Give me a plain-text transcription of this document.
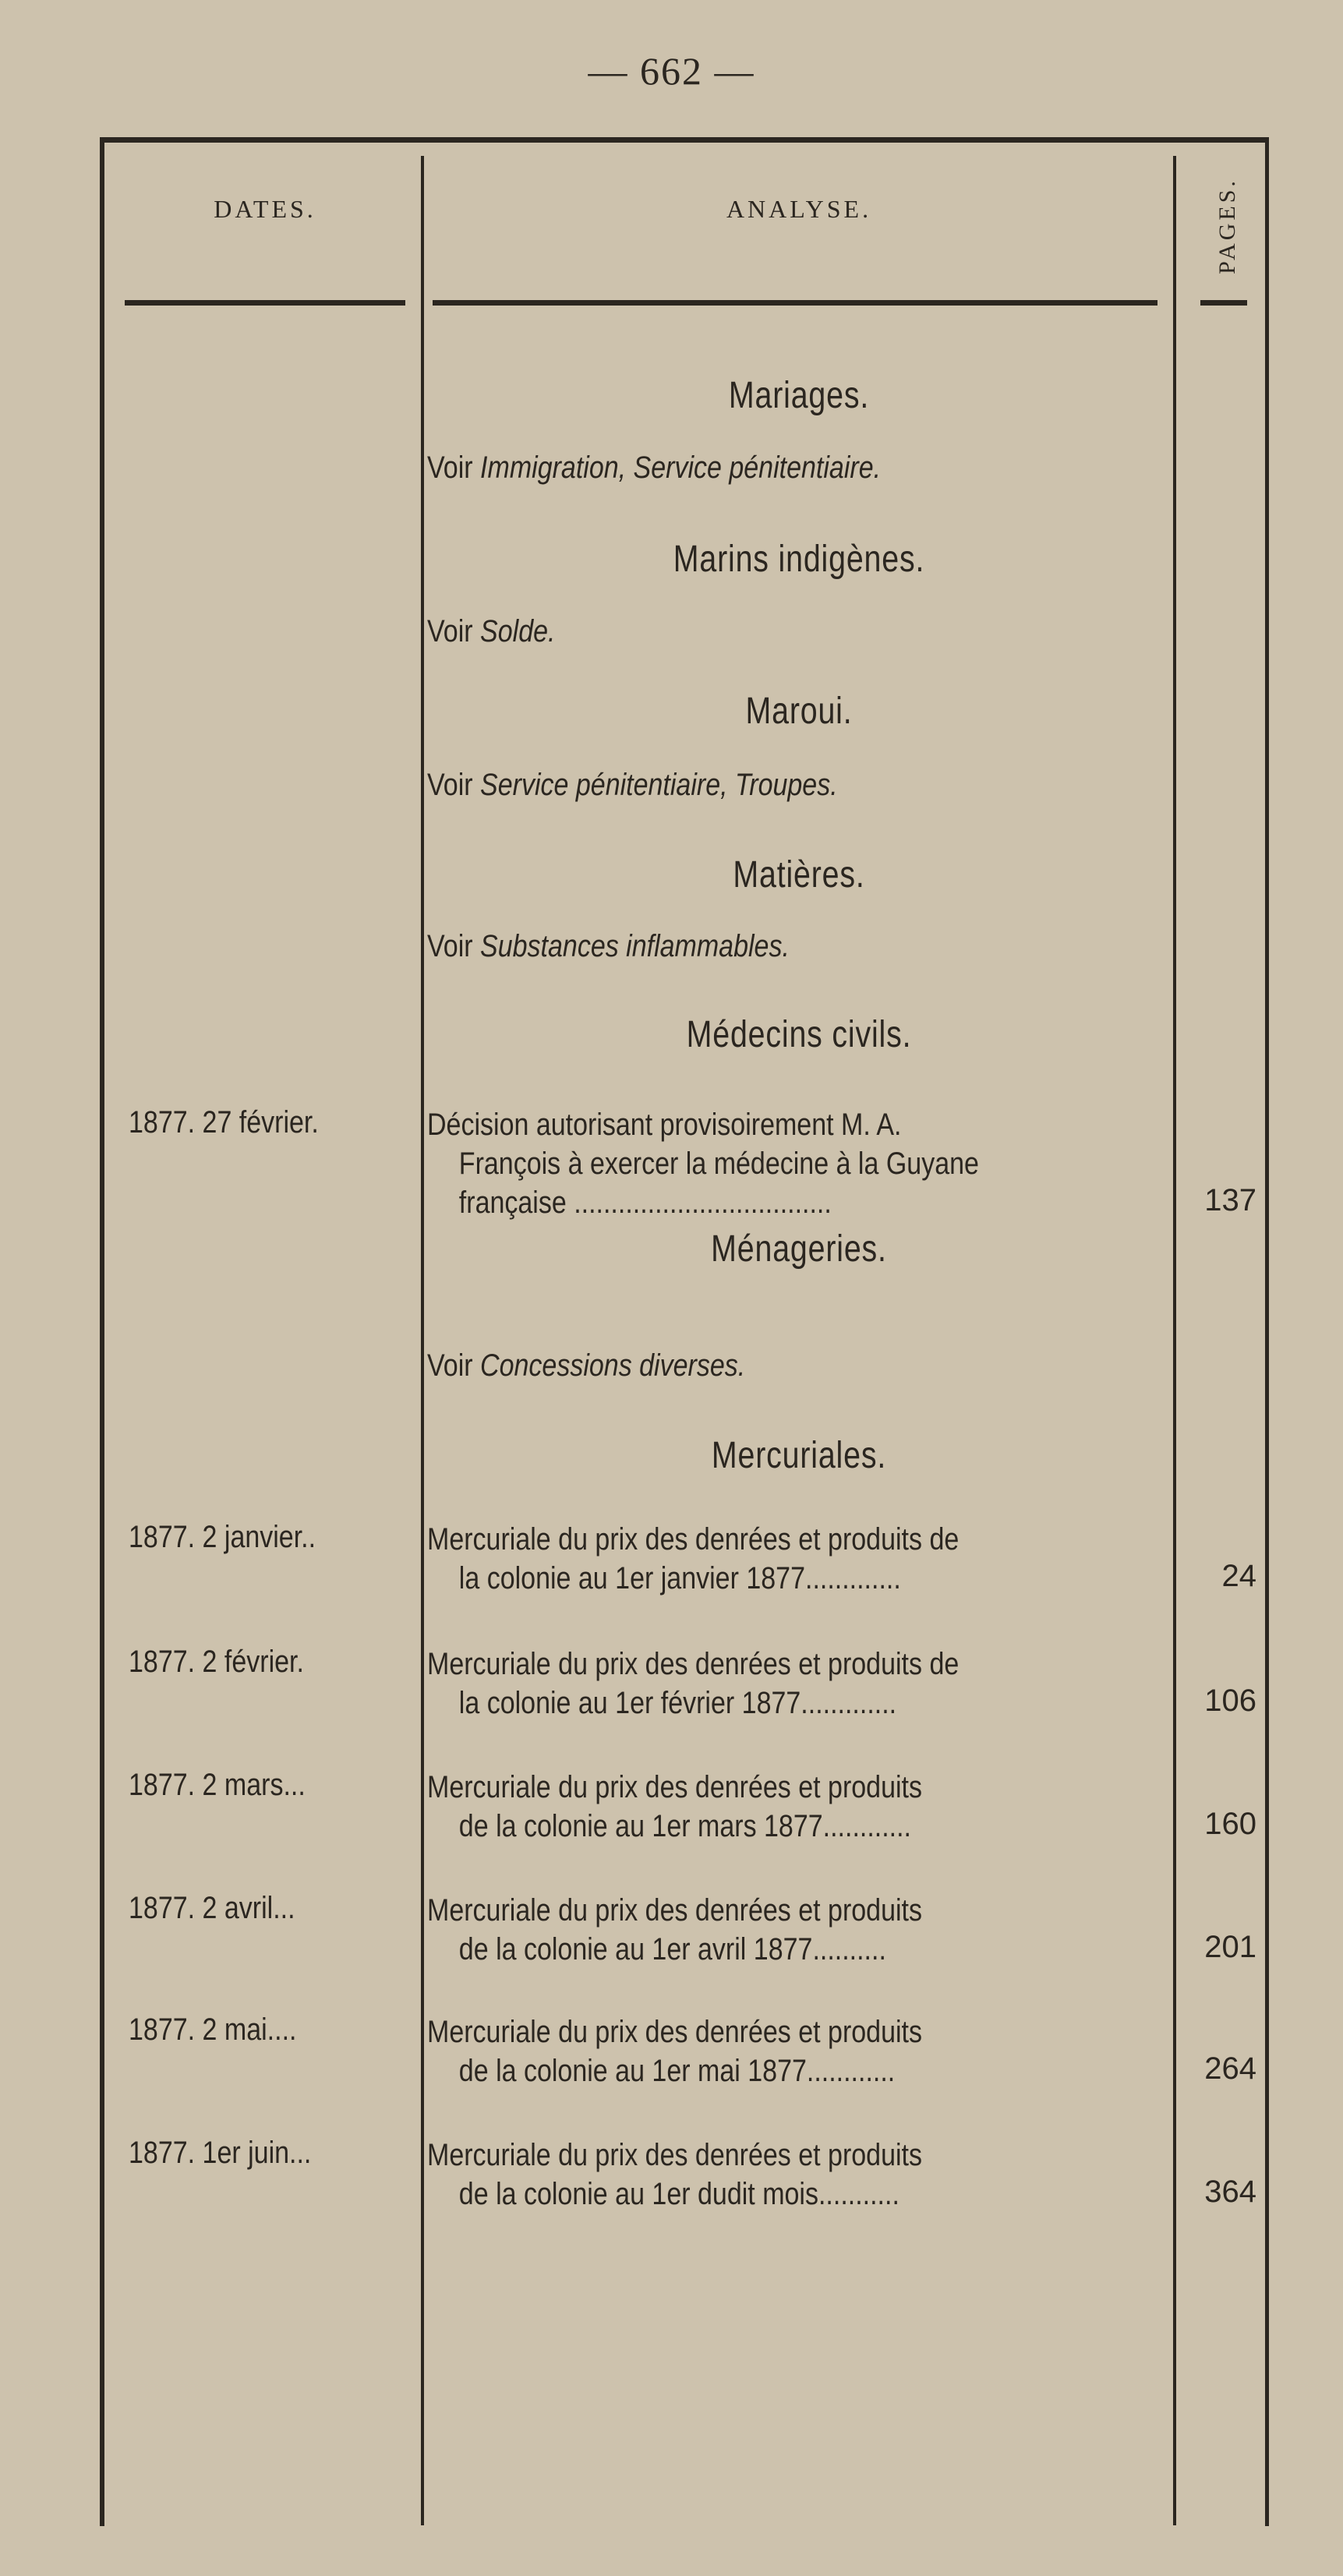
— 662 —
DATES.	ANALYSE.	PAGES.
Mariages.
Voir Immigration, Service pénitentiaire.
Marins indigènes.
Voir Solde.
Maroui.
Voir Service pénitentiaire, Troupes.
Matières.
Voir Substances inflammables.
Médecins civils.
Ménageries.
Voir Concessions diverses.
Mercuriales.
1877. 27 février.	Décision autorisant provisoirement M. A.
François à exercer la médecine à la Guyane
française ...................................	137
1877. 2 janvier..	Mercuriale du prix des denrées et produits de
la colonie au 1er janvier 1877.............	24
1877. 2 février.	Mercuriale du prix des denrées et produits de
la colonie au 1er février 1877.............	106
1877. 2 mars...	Mercuriale du prix des denrées et produits
de la colonie au 1er mars 1877............	160
1877. 2 avril...	Mercuriale du prix des denrées et produits
de la colonie au 1er avril 1877..........	201
1877. 2 mai....	Mercuriale du prix des denrées et produits
de la colonie au 1er mai 1877............	264
1877. 1er juin...	Mercuriale du prix des denrées et produits
de la colonie au 1er dudit mois...........	364
